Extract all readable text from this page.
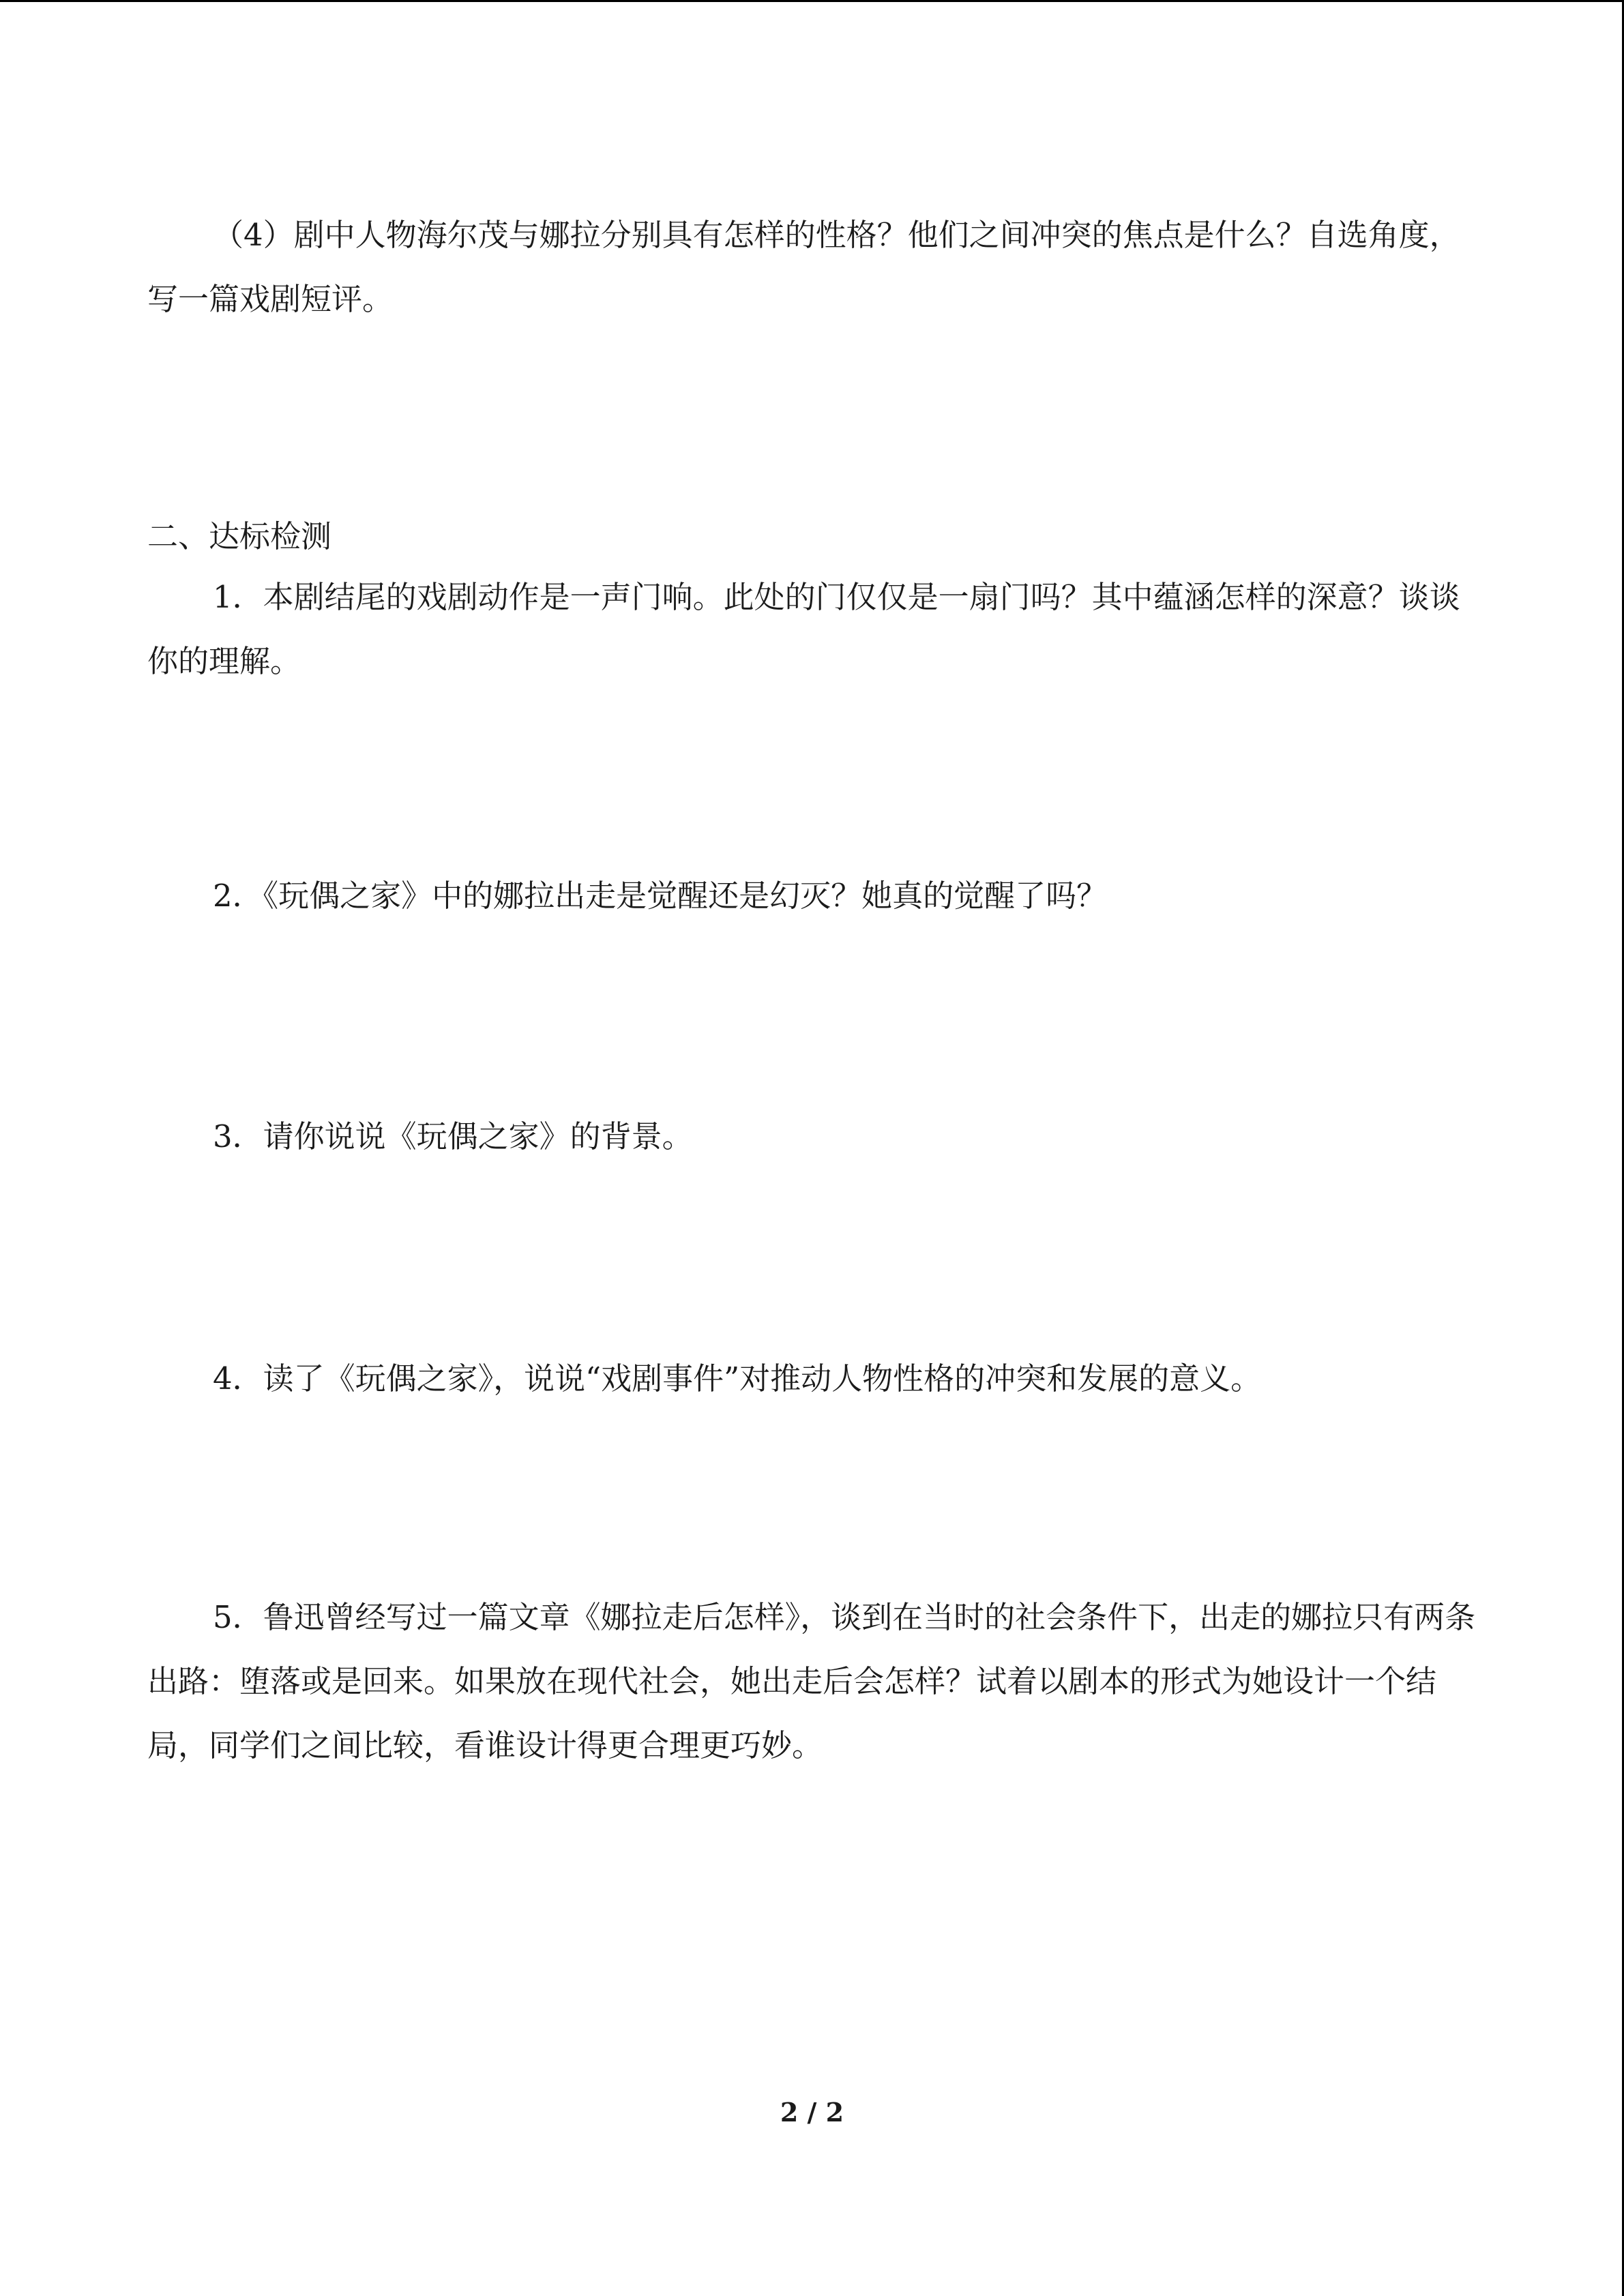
（4）剧中人物海尔茂与娜拉分别具有怎样的性格？他们之间冲突的焦点是什么？自选角度，写一篇戏剧短评。

二、达标检测

1．本剧结尾的戏剧动作是一声门响。此处的门仅仅是一扇门吗？其中蕴涵怎样的深意？谈谈你的理解。

2．《玩偶之家》中的娜拉出走是觉醒还是幻灭？她真的觉醒了吗？

3．请你说说《玩偶之家》的背景。

4．读了《玩偶之家》，说说“戏剧事件”对推动人物性格的冲突和发展的意义。

5．鲁迅曾经写过一篇文章《娜拉走后怎样》，谈到在当时的社会条件下，出走的娜拉只有两条出路：堕落或是回来。如果放在现代社会，她出走后会怎样？试着以剧本的形式为她设计一个结局，同学们之间比较，看谁设计得更合理更巧妙。

2 / 2
